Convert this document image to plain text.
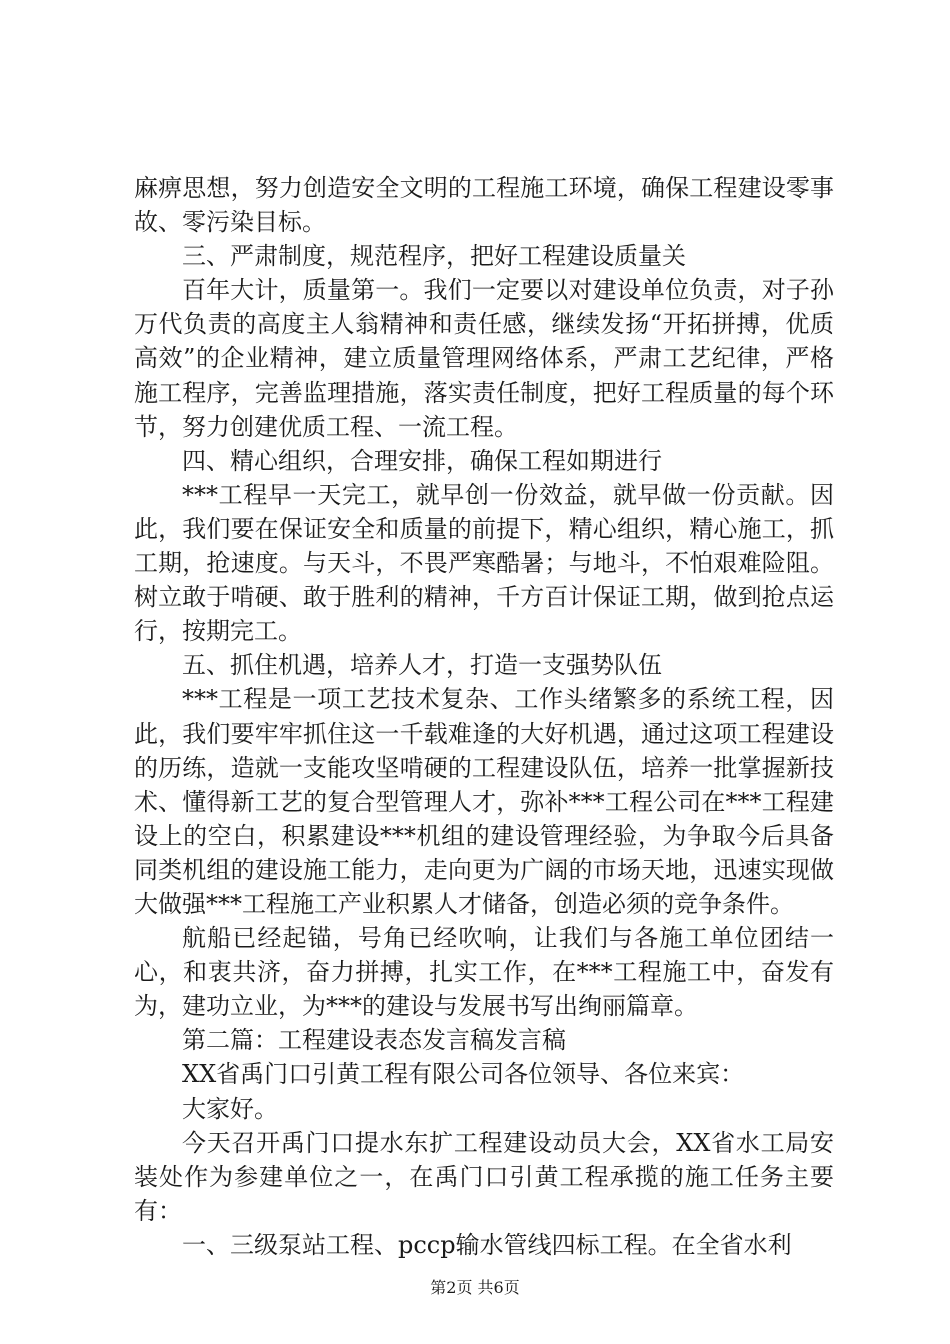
麻痹思想，努力创造安全文明的工程施工环境，确保工程建设零事故、零污染目标。

三、严肃制度，规范程序，把好工程建设质量关

百年大计，质量第一。我们一定要以对建设单位负责，对子孙万代负责的高度主人翁精神和责任感，继续发扬“开拓拼搏，优质高效”的企业精神，建立质量管理网络体系，严肃工艺纪律，严格施工程序，完善监理措施，落实责任制度，把好工程质量的每个环节，努力创建优质工程、一流工程。

四、精心组织，合理安排，确保工程如期进行

***工程早一天完工，就早创一份效益，就早做一份贡献。因此，我们要在保证安全和质量的前提下，精心组织，精心施工，抓工期，抢速度。与天斗，不畏严寒酷暑；与地斗，不怕艰难险阻。树立敢于啃硬、敢于胜利的精神，千方百计保证工期，做到抢点运行，按期完工。

五、抓住机遇，培养人才，打造一支强势队伍

***工程是一项工艺技术复杂、工作头绪繁多的系统工程，因此，我们要牢牢抓住这一千载难逢的大好机遇，通过这项工程建设的历练，造就一支能攻坚啃硬的工程建设队伍，培养一批掌握新技术、懂得新工艺的复合型管理人才，弥补***工程公司在***工程建设上的空白，积累建设***机组的建设管理经验，为争取今后具备同类机组的建设施工能力，走向更为广阔的市场天地，迅速实现做大做强***工程施工产业积累人才储备，创造必须的竞争条件。

航船已经起锚，号角已经吹响，让我们与各施工单位团结一心，和衷共济，奋力拼搏，扎实工作，在***工程施工中，奋发有为，建功立业，为***的建设与发展书写出绚丽篇章。

第二篇：工程建设表态发言稿发言稿

XX省禹门口引黄工程有限公司各位领导、各位来宾：

大家好。

今天召开禹门口提水东扩工程建设动员大会，XX省水工局安装处作为参建单位之一，在禹门口引黄工程承揽的施工任务主要有：

一、三级泵站工程、pccp输水管线四标工程。在全省水利

第2页 共6页
